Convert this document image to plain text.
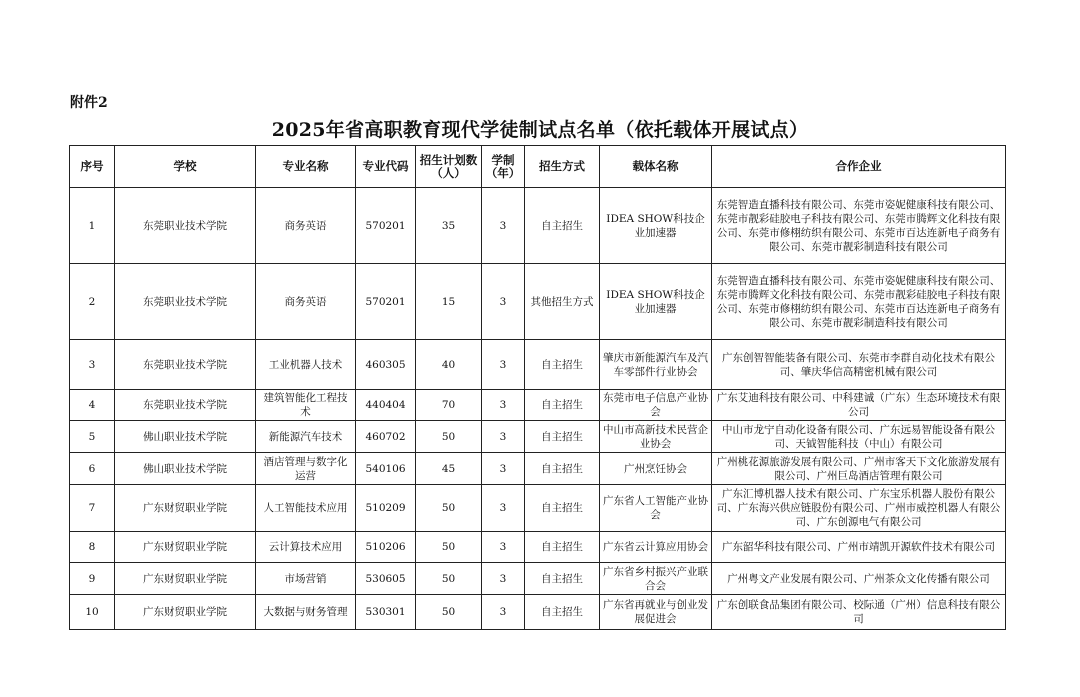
附件2
2025年省高职教育现代学徒制试点名单（依托载体开展试点）
序号	学校	专业名称	专业代码	招生计划数（人）	学制（年）	招生方式	载体名称	合作企业
1	东莞职业技术学院	商务英语	570201	35	3	自主招生	IDEA SHOW科技企业加速器	东莞智造直播科技有限公司、东莞市姿妮健康科技有限公司、东莞市靓彩硅胶电子科技有限公司、东莞市腾辉文化科技有限公司、东莞市修栩纺织有限公司、东莞市百达连新电子商务有限公司、东莞市靓彩制造科技有限公司
2	东莞职业技术学院	商务英语	570201	15	3	其他招生方式	IDEA SHOW科技企业加速器	东莞智造直播科技有限公司、东莞市姿妮健康科技有限公司、东莞市腾辉文化科技有限公司、东莞市靓彩硅胶电子科技有限公司、东莞市修栩纺织有限公司、东莞市百达连新电子商务有限公司、东莞市靓彩制造科技有限公司
3	东莞职业技术学院	工业机器人技术	460305	40	3	自主招生	肇庆市新能源汽车及汽车零部件行业协会	广东创智智能装备有限公司、东莞市李群自动化技术有限公司、肇庆华信高精密机械有限公司
4	东莞职业技术学院	建筑智能化工程技术	440404	70	3	自主招生	东莞市电子信息产业协会	广东艾迪科技有限公司、中科建诚（广东）生态环境技术有限公司
5	佛山职业技术学院	新能源汽车技术	460702	50	3	自主招生	中山市高新技术民营企业协会	中山市龙宁自动化设备有限公司、广东远易智能设备有限公司、天钺智能科技（中山）有限公司
6	佛山职业技术学院	酒店管理与数字化运营	540106	45	3	自主招生	广州烹饪协会	广州桃花源旅游发展有限公司、广州市客天下文化旅游发展有限公司、广州巨岛酒店管理有限公司
7	广东财贸职业学院	人工智能技术应用	510209	50	3	自主招生	广东省人工智能产业协会	广东汇博机器人技术有限公司、广东宝乐机器人股份有限公司、广东海兴供应链股份有限公司、广州市威控机器人有限公司、广东创源电气有限公司
8	广东财贸职业学院	云计算技术应用	510206	50	3	自主招生	广东省云计算应用协会	广东韶华科技有限公司、广州市靖凯开源软件技术有限公司
9	广东财贸职业学院	市场营销	530605	50	3	自主招生	广东省乡村振兴产业联合会	广州粤文产业发展有限公司、广州茶众文化传播有限公司
10	广东财贸职业学院	大数据与财务管理	530301	50	3	自主招生	广东省再就业与创业发展促进会	广东创联食品集团有限公司、校际通（广州）信息科技有限公司
